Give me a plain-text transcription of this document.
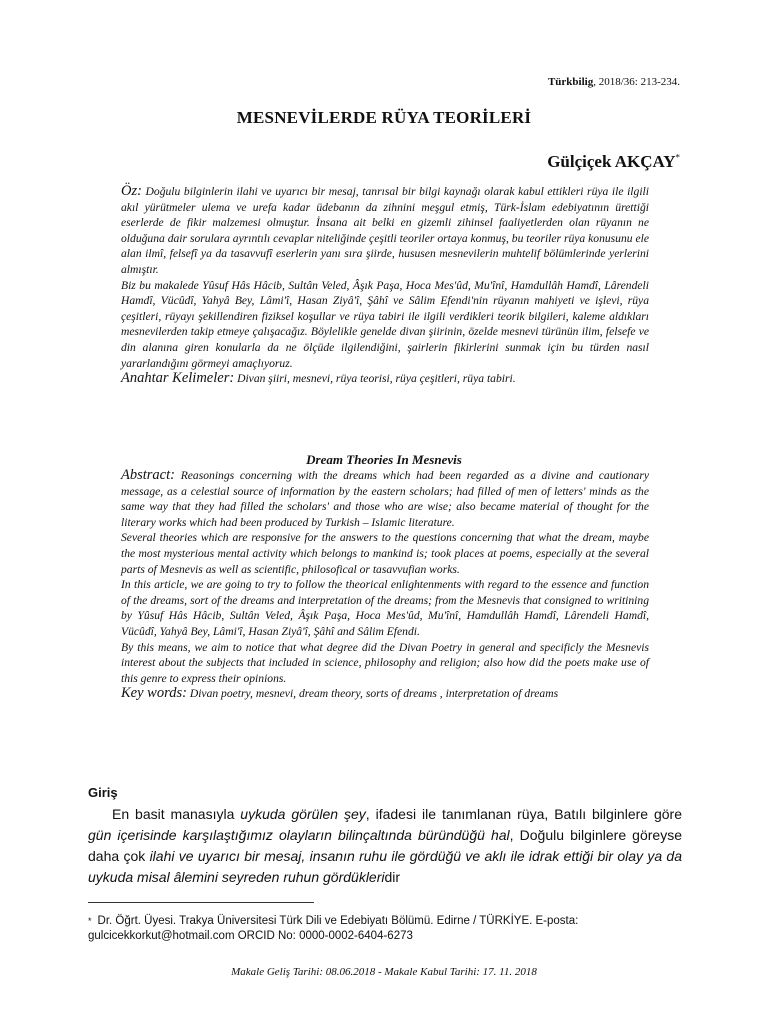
Türkbilig, 2018/36: 213-234.
MESNEVİLERDE RÜYA TEORİLERİ
Gülçiçek AKÇAY*

Öz: Doğulu bilginlerin ilahi ve uyarıcı bir mesaj, tanrısal bir bilgi kaynağı olarak kabul ettikleri rüya ile ilgili akıl yürütmeler ulema ve urefa kadar üdebanın da zihnini meşgul etmiş, Türk-İslam edebiyatının ürettiği eserlerde de fikir malzemesi olmuştur. İnsana ait belki en gizemli zihinsel faaliyetlerden olan rüyanın ne olduğuna dair sorulara ayrıntılı cevaplar niteliğinde çeşitli teoriler ortaya konmuş, bu teoriler rüya konusunu ele alan ilmî, felsefî ya da tasavvufî eserlerin yanı sıra şiirde, hususen mesnevilerin muhtelif bölümlerinde yerlerini almıştır.

Biz bu makalede Yûsuf Hâs Hâcib, Sultân Veled, Âşık Paşa, Hoca Mes'ûd, Mu'înî, Hamdullâh Hamdî, Lârendeli Hamdî, Vücûdî, Yahyâ Bey, Lâmi'î, Hasan Ziyâ'î, Şâhî ve Sâlim Efendi'nin rüyanın mahiyeti ve işlevi, rüya çeşitleri, rüyayı şekillendiren fiziksel koşullar ve rüya tabiri ile ilgili verdikleri teorik bilgileri, kaleme aldıkları mesnevilerden takip etmeye çalışacağız. Böylelikle genelde divan şiirinin, özelde mesnevi türünün ilim, felsefe ve din alanına giren konularla da ne ölçüde ilgilendiğini, şairlerin fikirlerini sunmak için bu türden nasıl yararlandığını görmeyi amaçlıyoruz.

Anahtar Kelimeler: Divan şiiri, mesnevi, rüya teorisi, rüya çeşitleri, rüya tabiri.

Dream Theories In Mesnevis

Abstract: Reasonings concerning with the dreams which had been regarded as a divine and cautionary message, as a celestial source of information by the eastern scholars; had filled of men of letters' minds as the same way that they had filled the scholars' and those who are wise; also became material of thought for the literary works which had been produced by Turkish – Islamic literature.

Several theories which are responsive for the answers to the questions concerning that what the dream, maybe the most mysterious mental activity which belongs to mankind is; took places at poems, especially at the several parts of Mesnevis as well as scientific, philosofical or tasavvufian works.

In this article, we are going to try to follow the theorical enlightenments with regard to the essence and function of the dreams, sort of the dreams and interpretation of the dreams; from the Mesnevis that consigned to writining by Yûsuf Hâs Hâcib, Sultân Veled, Âşık Paşa, Hoca Mes'ûd, Mu'înî, Hamdullâh Hamdî, Lârendeli Hamdî, Vücûdî, Yahyâ Bey, Lâmi'î, Hasan Ziyâ'î, Şâhî and Sâlim Efendi.

By this means, we aim to notice that what degree did the Divan Poetry in general and specificly the Mesnevis interest about the subjects that included in science, philosophy and religion; also how did the poets make use of this genre to express their opinions.

Key words: Divan poetry, mesnevi, dream theory, sorts of dreams , interpretation of dreams

Giriş

En basit manasıyla uykuda görülen şey, ifadesi ile tanımlanan rüya, Batılı bilginlere göre gün içerisinde karşılaştığımız olayların bilinçaltında büründüğü hal, Doğulu bilginlere göreyse daha çok ilahi ve uyarıcı bir mesaj, insanın ruhu ile gördüğü ve aklı ile idrak ettiği bir olay ya da uykuda misal âlemini seyreden ruhun gördükleridir

* Dr. Öğrt. Üyesi. Trakya Üniversitesi Türk Dili ve Edebiyatı Bölümü. Edirne / TÜRKİYE. E-posta: gulcicekkorkut@hotmail.com ORCID No: 0000-0002-6404-6273
Makale Geliş Tarihi: 08.06.2018 - Makale Kabul Tarihi: 17. 11. 2018
